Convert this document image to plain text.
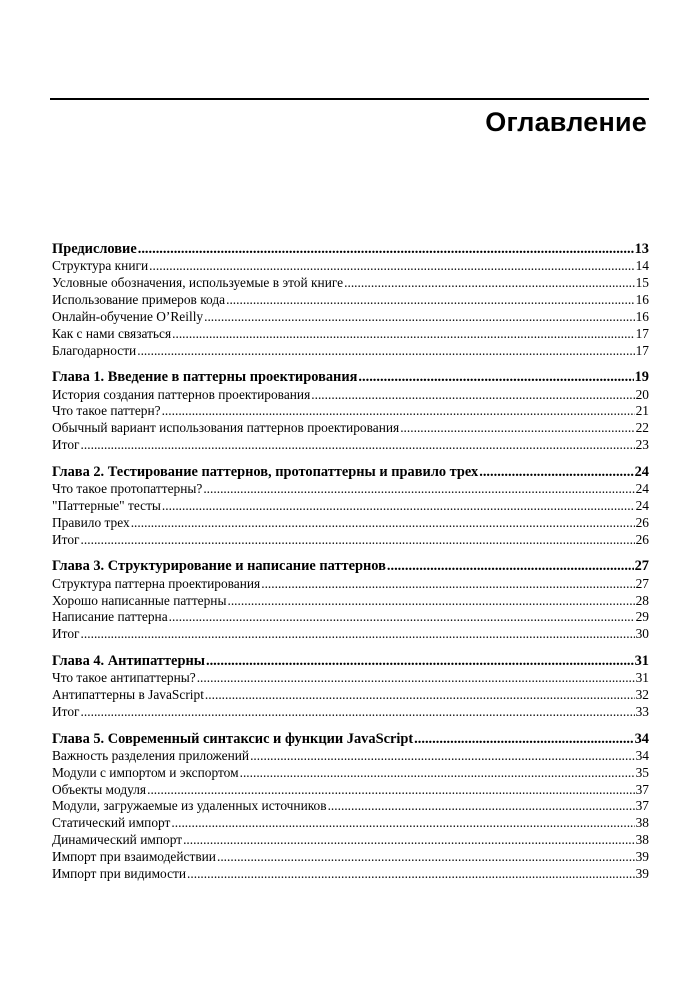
Оглавление
Предисловие .....	13
Структура книги .....	14
Условные обозначения, используемые в этой книге .....	15
Использование примеров кода .....	16
Онлайн-обучение O’Reilly .....	16
Как с нами связаться .....	17
Благодарности .....	17
Глава 1. Введение в паттерны проектирования .....	19
История создания паттернов проектирования .....	20
Что такое паттерн? .....	21
Обычный вариант использования паттернов проектирования .....	22
Итог .....	23
Глава 2. Тестирование паттернов, протопаттерны и правило трех .....	24
Что такое протопаттерны? .....	24
"Паттерные" тесты .....	24
Правило трех .....	26
Итог .....	26
Глава 3. Структурирование и написание паттернов .....	27
Структура паттерна проектирования .....	27
Хорошо написанные паттерны .....	28
Написание паттерна .....	29
Итог .....	30
Глава 4. Антипаттерны .....	31
Что такое антипаттерны? .....	31
Антипаттерны в JavaScript .....	32
Итог .....	33
Глава 5. Современный синтаксис и функции JavaScript .....	34
Важность разделения приложений .....	34
Модули с импортом и экспортом .....	35
Объекты модуля .....	37
Модули, загружаемые из удаленных источников .....	37
Статический импорт .....	38
Динамический импорт .....	38
Импорт при взаимодействии .....	39
Импорт при видимости .....	39
